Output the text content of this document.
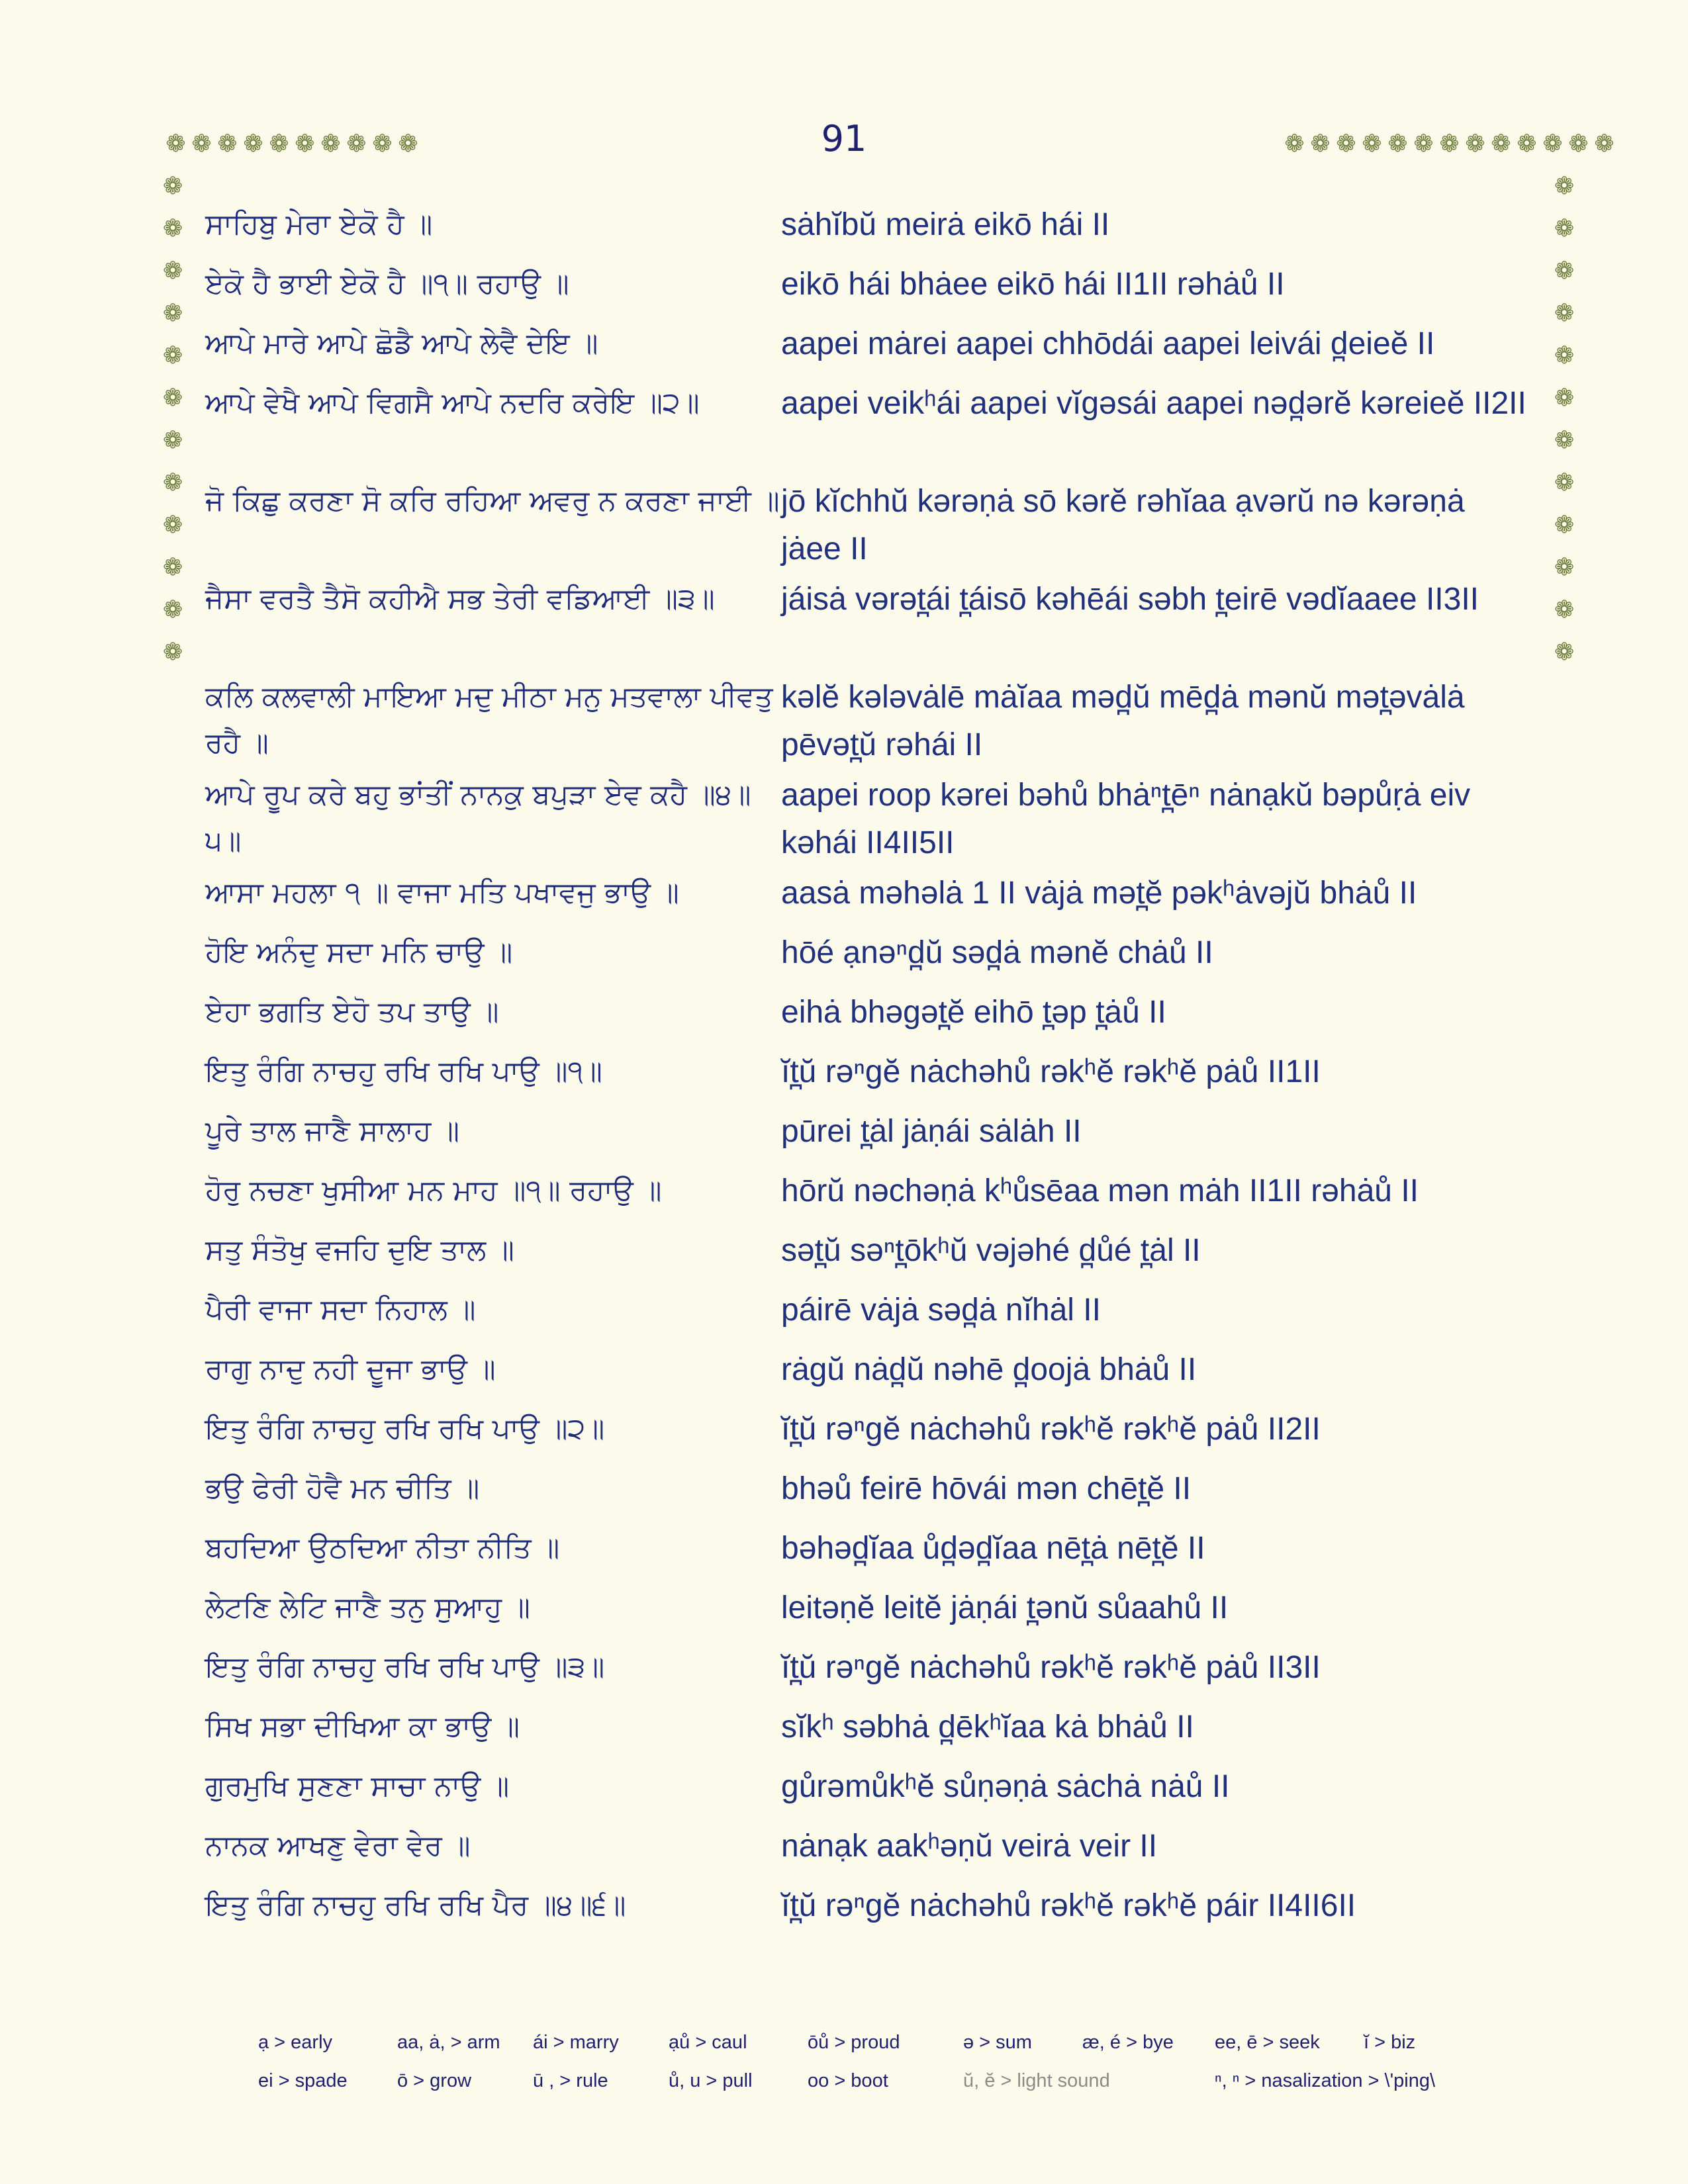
91
❁ ❁ ❁ ❁ ❁ ❁ ❁ ❁ ❁ ❁	❁ ❁ ❁ ❁ ❁ ❁ ❁ ❁ ❁ ❁ ❁ ❁ ❁
❁
❁
❁
❁
❁
❁
❁
❁
❁
❁
❁
❁
❁
❁
❁
❁
❁
❁
❁
❁
❁
❁
❁
❁
ਸਾਹਿਬੁ ਮੇਰਾ ਏਕੋ ਹੈ ॥	sȧhĭbŭ meirȧ eikō hái II
ਏਕੋ ਹੈ ਭਾਈ ਏਕੋ ਹੈ ॥੧॥ ਰਹਾਉ ॥	eikō hái bhȧee eikō hái II1II rəhȧů II
ਆਪੇ ਮਾਰੇ ਆਪੇ ਛੋਡੈ ਆਪੇ ਲੇਵੈ ਦੇਇ ॥	aapei mȧrei aapei chhōdái aapei leivái d̪eieĕ II
ਆਪੇ ਵੇਖੈ ਆਪੇ ਵਿਗਸੈ ਆਪੇ ਨਦਰਿ ਕਰੇਇ ॥੨॥	aapei veikʰái aapei vĭgəsái aapei nəd̪ərĕ kəreieĕ II2II
ਜੋ ਕਿਛੁ ਕਰਣਾ ਸੋ ਕਰਿ ਰਹਿਆ ਅਵਰੁ ਨ ਕਰਣਾ ਜਾਈ ॥ jō kĭchhŭ kərəṇȧ sō kərĕ rəhĭaa ạvərŭ nə kərəṇȧ jȧee II
ਜੈਸਾ ਵਰਤੈ ਤੈਸੋ ਕਹੀਐ ਸਭ ਤੇਰੀ ਵਡਿਆਈ ॥੩॥	jáisȧ vərət̪ái t̪áisō kəhēái səbh t̪eirē vədĭaaee II3II
ਕਲਿ ਕਲਵਾਲੀ ਮਾਇਆ ਮਦੁ ਮੀਠਾ ਮਨੁ ਮਤਵਾਲਾ ਪੀਵਤੁ ਰਹੈ ॥
kəlĕ kələvȧlē mȧĭaa məd̪ŭ mēd̪ȧ mənŭ mət̪əvȧlȧ pēvət̪ŭ rəhái II
ਆਪੇ ਰੂਪ ਕਰੇ ਬਹੁ ਭਾਂਤੀਂ ਨਾਨਕੁ ਬਪੁੜਾ ਏਵ ਕਹੈ ॥੪॥੫॥
aapei roop kərei bəhů bhȧⁿt̪ēⁿ nȧnạkŭ bəpůṛȧ eiv kəhái II4II5II
ਆਸਾ ਮਹਲਾ ੧ ॥ ਵਾਜਾ ਮਤਿ ਪਖਾਵਜੁ ਭਾਉ ॥	aasȧ məhəlȧ 1 II vȧjȧ mət̪ĕ pəkʰȧvəjŭ bhȧů II
ਹੋਇ ਅਨੰਦੁ ਸਦਾ ਮਨਿ ਚਾਉ ॥	hōé ạnəⁿd̪ŭ səd̪ȧ mənĕ chȧů II
ਏਹਾ ਭਗਤਿ ਏਹੋ ਤਪ ਤਾਉ ॥	eihȧ bhəgət̪ĕ eihō t̪əp t̪ȧů II
ਇਤੁ ਰੰਗਿ ਨਾਚਹੁ ਰਖਿ ਰਖਿ ਪਾਉ ॥੧॥	ĭt̪ŭ rəⁿgĕ nȧchəhů rəkʰĕ rəkʰĕ pȧů II1II
ਪੂਰੇ ਤਾਲ ਜਾਣੈ ਸਾਲਾਹ ॥	pūrei t̪ȧl jȧṇái sȧlȧh II
ਹੋਰੁ ਨਚਣਾ ਖੁਸੀਆ ਮਨ ਮਾਹ ॥੧॥ ਰਹਾਉ ॥	hōrŭ nəchəṇȧ kʰůsēaa mən mȧh II1II rəhȧů II
ਸਤੁ ਸੰਤੋਖੁ ਵਜਹਿ ਦੁਇ ਤਾਲ ॥	sət̪ŭ səⁿt̪ōkʰŭ vəjəhé d̪ůé t̪ȧl II
ਪੈਰੀ ਵਾਜਾ ਸਦਾ ਨਿਹਾਲ ॥	páirē vȧjȧ səd̪ȧ nĭhȧl II
ਰਾਗੁ ਨਾਦੁ ਨਹੀ ਦੂਜਾ ਭਾਉ ॥	rȧgŭ nȧd̪ŭ nəhē d̪oojȧ bhȧů II
ਇਤੁ ਰੰਗਿ ਨਾਚਹੁ ਰਖਿ ਰਖਿ ਪਾਉ ॥੨॥	ĭt̪ŭ rəⁿgĕ nȧchəhů rəkʰĕ rəkʰĕ pȧů II2II
ਭਉ ਫੇਰੀ ਹੋਵੈ ਮਨ ਚੀਤਿ ॥	bhəů feirē hōvái mən chēt̪ĕ II
ਬਹਦਿਆ ਉਠਦਿਆ ਨੀਤਾ ਨੀਤਿ ॥	bəhəd̪ĭaa ůd̪əd̪ĭaa nēt̪ȧ nēt̪ĕ II
ਲੇਟਣਿ ਲੇਟਿ ਜਾਣੈ ਤਨੁ ਸੁਆਹੁ ॥	leitəṇĕ leitĕ jȧṇái t̪ənŭ sůaahů II
ਇਤੁ ਰੰਗਿ ਨਾਚਹੁ ਰਖਿ ਰਖਿ ਪਾਉ ॥੩॥	ĭt̪ŭ rəⁿgĕ nȧchəhů rəkʰĕ rəkʰĕ pȧů II3II
ਸਿਖ ਸਭਾ ਦੀਖਿਆ ਕਾ ਭਾਉ ॥	sĭkʰ səbhȧ d̪ēkʰĭaa kȧ bhȧů II
ਗੁਰਮੁਖਿ ਸੁਣਣਾ ਸਾਚਾ ਨਾਉ ॥	gůrəmůkʰĕ sůṇəṇȧ sȧchȧ nȧů II
ਨਾਨਕ ਆਖਣੁ ਵੇਰਾ ਵੇਰ ॥	nȧnạk aakʰəṇŭ veirȧ veir II
ਇਤੁ ਰੰਗਿ ਨਾਚਹੁ ਰਖਿ ਰਖਿ ਪੈਰ ॥੪॥੬॥	ĭt̪ŭ rəⁿgĕ nȧchəhů rəkʰĕ rəkʰĕ páir II4II6II
ạ > early	aa, ȧ, > arm	ái > marry	ạů > caul	ōů > proud	ə > sum	æ, é > bye	ee, ē > seek	ĭ > biz
ei > spade	ō > grow	ū , > rule	ů, u > pull	oo > boot	ŭ, ĕ > light sound	ⁿ, ⁿ > nasalization > \'ping\
